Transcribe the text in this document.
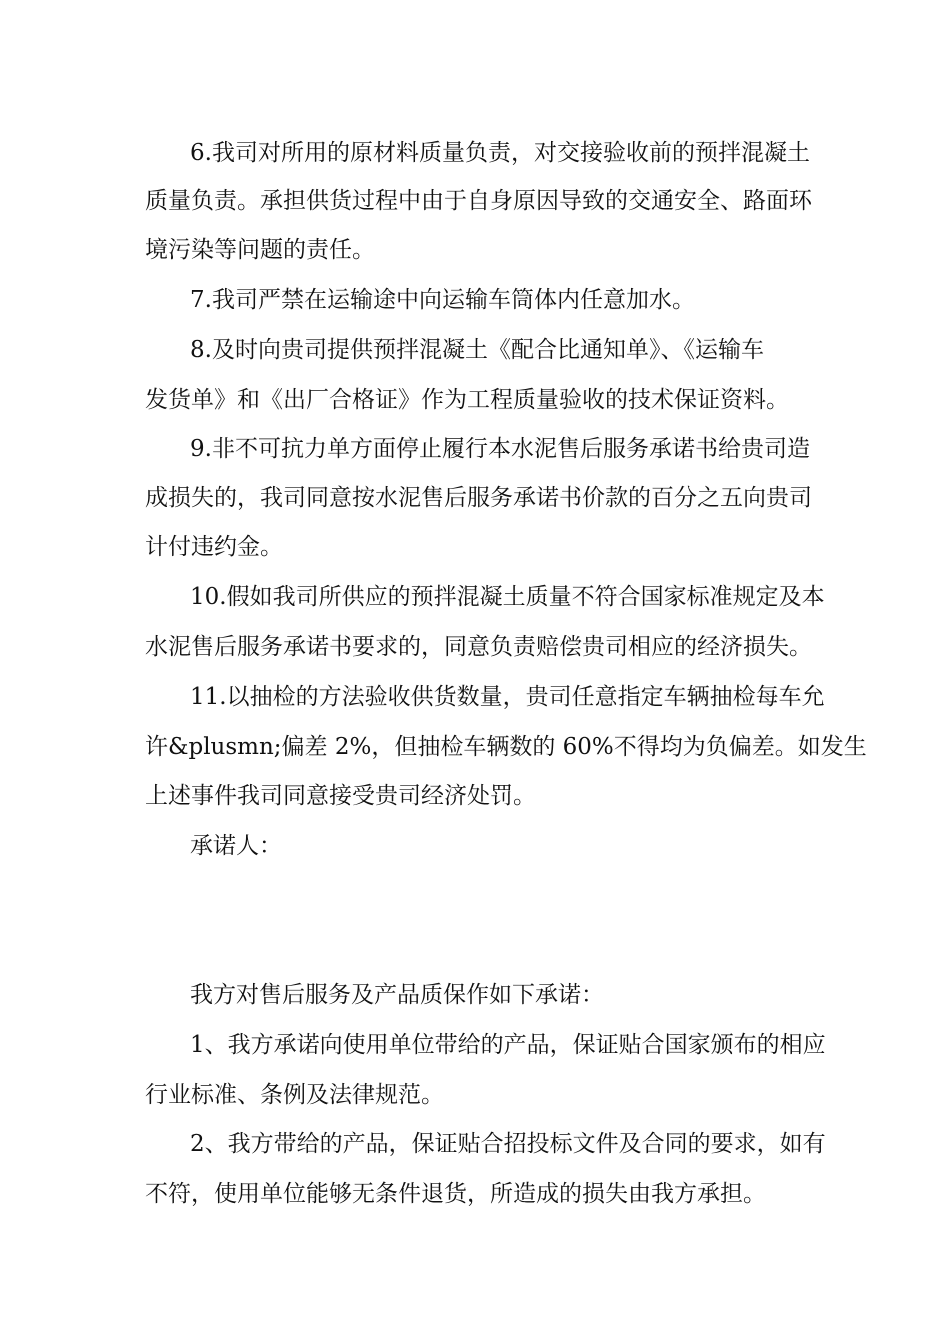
6.我司对所用的原材料质量负责，对交接验收前的预拌混凝土
质量负责。承担供货过程中由于自身原因导致的交通安全、路面环
境污染等问题的责任。
7.我司严禁在运输途中向运输车筒体内任意加水。
8.及时向贵司提供预拌混凝土《配合比通知单》、《运输车
发货单》和《出厂合格证》作为工程质量验收的技术保证资料。
9.非不可抗力单方面停止履行本水泥售后服务承诺书给贵司造
成损失的，我司同意按水泥售后服务承诺书价款的百分之五向贵司
计付违约金。
10.假如我司所供应的预拌混凝土质量不符合国家标准规定及本
水泥售后服务承诺书要求的，同意负责赔偿贵司相应的经济损失。
11.以抽检的方法验收供货数量，贵司任意指定车辆抽检每车允
许&plusmn;偏差 2%，但抽检车辆数的 60%不得均为负偏差。如发生
上述事件我司同意接受贵司经济处罚。
承诺人：
我方对售后服务及产品质保作如下承诺：
1、我方承诺向使用单位带给的产品，保证贴合国家颁布的相应
行业标准、条例及法律规范。
2、我方带给的产品，保证贴合招投标文件及合同的要求，如有
不符，使用单位能够无条件退货，所造成的损失由我方承担。
